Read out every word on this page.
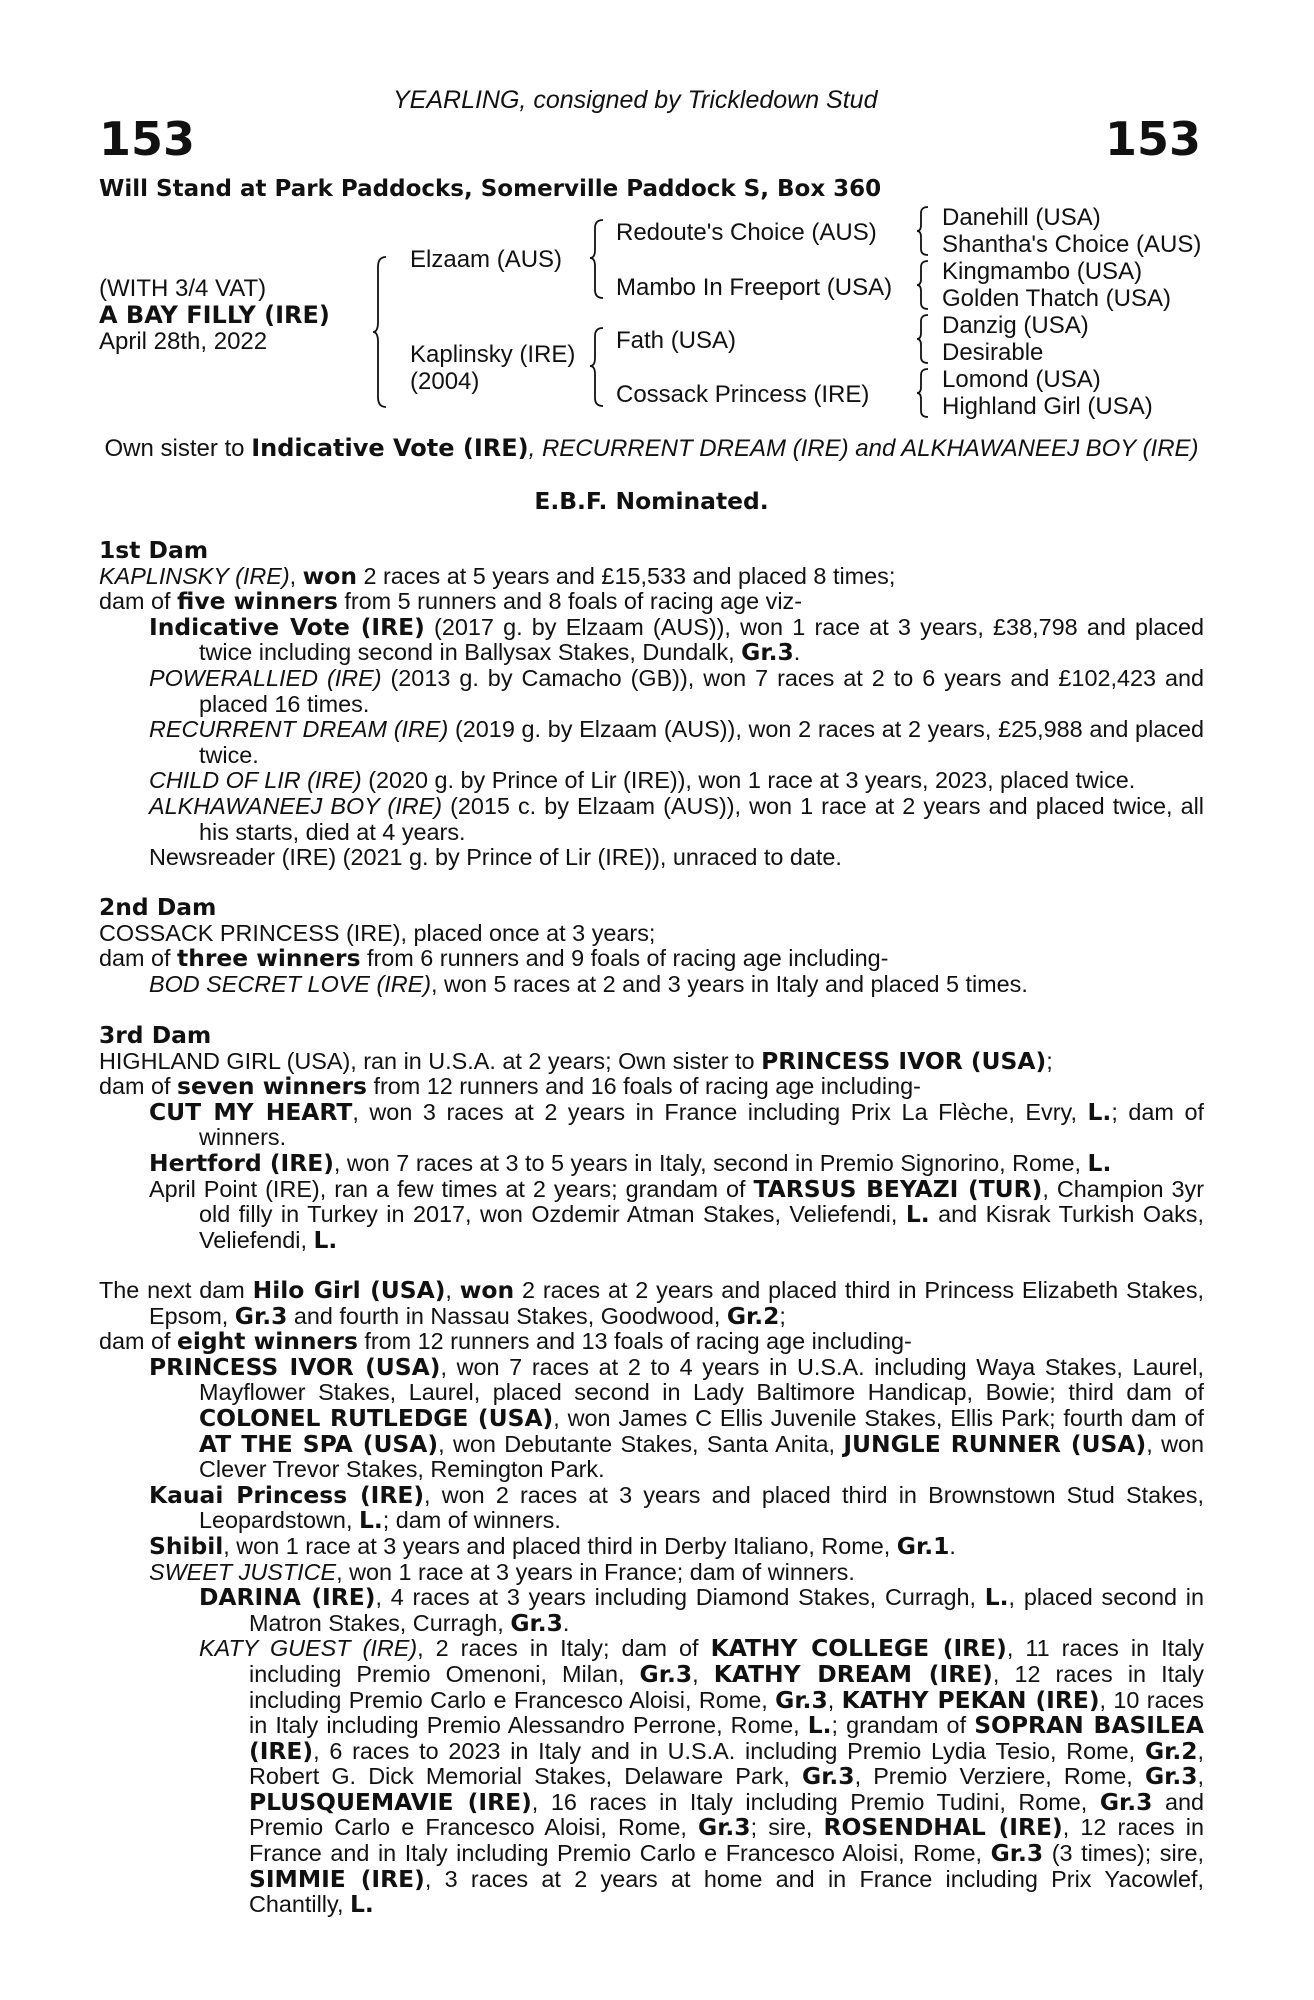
YEARLING, consigned by Trickledown Stud
153	153
Will Stand at Park Paddocks, Somerville Paddock S, Box 360
(WITH 3/4 VAT)
A BAY FILLY (IRE)
April 28th, 2022
Elzaam (AUS)
Kaplinsky (IRE)
(2004)
Redoute's Choice (AUS)
Mambo In Freeport (USA)
Fath (USA)
Cossack Princess (IRE)
Danehill (USA)
Shantha's Choice (AUS)
Kingmambo (USA)
Golden Thatch (USA)
Danzig (USA)
Desirable
Lomond (USA)
Highland Girl (USA)
Own sister to Indicative Vote (IRE), RECURRENT DREAM (IRE) and ALKHAWANEEJ BOY (IRE)
E.B.F. Nominated.

1st Dam

KAPLINSKY (IRE), won 2 races at 5 years and £15,533 and placed 8 times;

dam of five winners from 5 runners and 8 foals of racing age viz-

Indicative Vote (IRE) (2017 g. by Elzaam (AUS)), won 1 race at 3 years, £38,798 and placed twice including second in Ballysax Stakes, Dundalk, Gr.3.

POWERALLIED (IRE) (2013 g. by Camacho (GB)), won 7 races at 2 to 6 years and £102,423 and placed 16 times.

RECURRENT DREAM (IRE) (2019 g. by Elzaam (AUS)), won 2 races at 2 years, £25,988 and placed twice.

CHILD OF LIR (IRE) (2020 g. by Prince of Lir (IRE)), won 1 race at 3 years, 2023, placed twice.

ALKHAWANEEJ BOY (IRE) (2015 c. by Elzaam (AUS)), won 1 race at 2 years and placed twice, all his starts, died at 4 years.

Newsreader (IRE) (2021 g. by Prince of Lir (IRE)), unraced to date.

2nd Dam

COSSACK PRINCESS (IRE), placed once at 3 years;

dam of three winners from 6 runners and 9 foals of racing age including-

BOD SECRET LOVE (IRE), won 5 races at 2 and 3 years in Italy and placed 5 times.

3rd Dam

HIGHLAND GIRL (USA), ran in U.S.A. at 2 years; Own sister to PRINCESS IVOR (USA);

dam of seven winners from 12 runners and 16 foals of racing age including-

CUT MY HEART, won 3 races at 2 years in France including Prix La Flèche, Evry, L.; dam of winners.

Hertford (IRE), won 7 races at 3 to 5 years in Italy, second in Premio Signorino, Rome, L.

April Point (IRE), ran a few times at 2 years; grandam of TARSUS BEYAZI (TUR), Champion 3yr old filly in Turkey in 2017, won Ozdemir Atman Stakes, Veliefendi, L. and Kisrak Turkish Oaks, Veliefendi, L.

The next dam Hilo Girl (USA), won 2 races at 2 years and placed third in Princess Elizabeth Stakes, Epsom, Gr.3 and fourth in Nassau Stakes, Goodwood, Gr.2;

dam of eight winners from 12 runners and 13 foals of racing age including-

PRINCESS IVOR (USA), won 7 races at 2 to 4 years in U.S.A. including Waya Stakes, Laurel, Mayflower Stakes, Laurel, placed second in Lady Baltimore Handicap, Bowie; third dam of COLONEL RUTLEDGE (USA), won James C Ellis Juvenile Stakes, Ellis Park; fourth dam of AT THE SPA (USA), won Debutante Stakes, Santa Anita, JUNGLE RUNNER (USA), won Clever Trevor Stakes, Remington Park.

Kauai Princess (IRE), won 2 races at 3 years and placed third in Brownstown Stud Stakes, Leopardstown, L.; dam of winners.

Shibil, won 1 race at 3 years and placed third in Derby Italiano, Rome, Gr.1.

SWEET JUSTICE, won 1 race at 3 years in France; dam of winners.

DARINA (IRE), 4 races at 3 years including Diamond Stakes, Curragh, L., placed second in Matron Stakes, Curragh, Gr.3.

KATY GUEST (IRE), 2 races in Italy; dam of KATHY COLLEGE (IRE), 11 races in Italy including Premio Omenoni, Milan, Gr.3, KATHY DREAM (IRE), 12 races in Italy including Premio Carlo e Francesco Aloisi, Rome, Gr.3, KATHY PEKAN (IRE), 10 races in Italy including Premio Alessandro Perrone, Rome, L.; grandam of SOPRAN BASILEA (IRE), 6 races to 2023 in Italy and in U.S.A. including Premio Lydia Tesio, Rome, Gr.2, Robert G. Dick Memorial Stakes, Delaware Park, Gr.3, Premio Verziere, Rome, Gr.3, PLUSQUEMAVIE (IRE), 16 races in Italy including Premio Tudini, Rome, Gr.3 and Premio Carlo e Francesco Aloisi, Rome, Gr.3; sire, ROSENDHAL (IRE), 12 races in France and in Italy including Premio Carlo e Francesco Aloisi, Rome, Gr.3 (3 times); sire, SIMMIE (IRE), 3 races at 2 years at home and in France including Prix Yacowlef, Chantilly, L.
